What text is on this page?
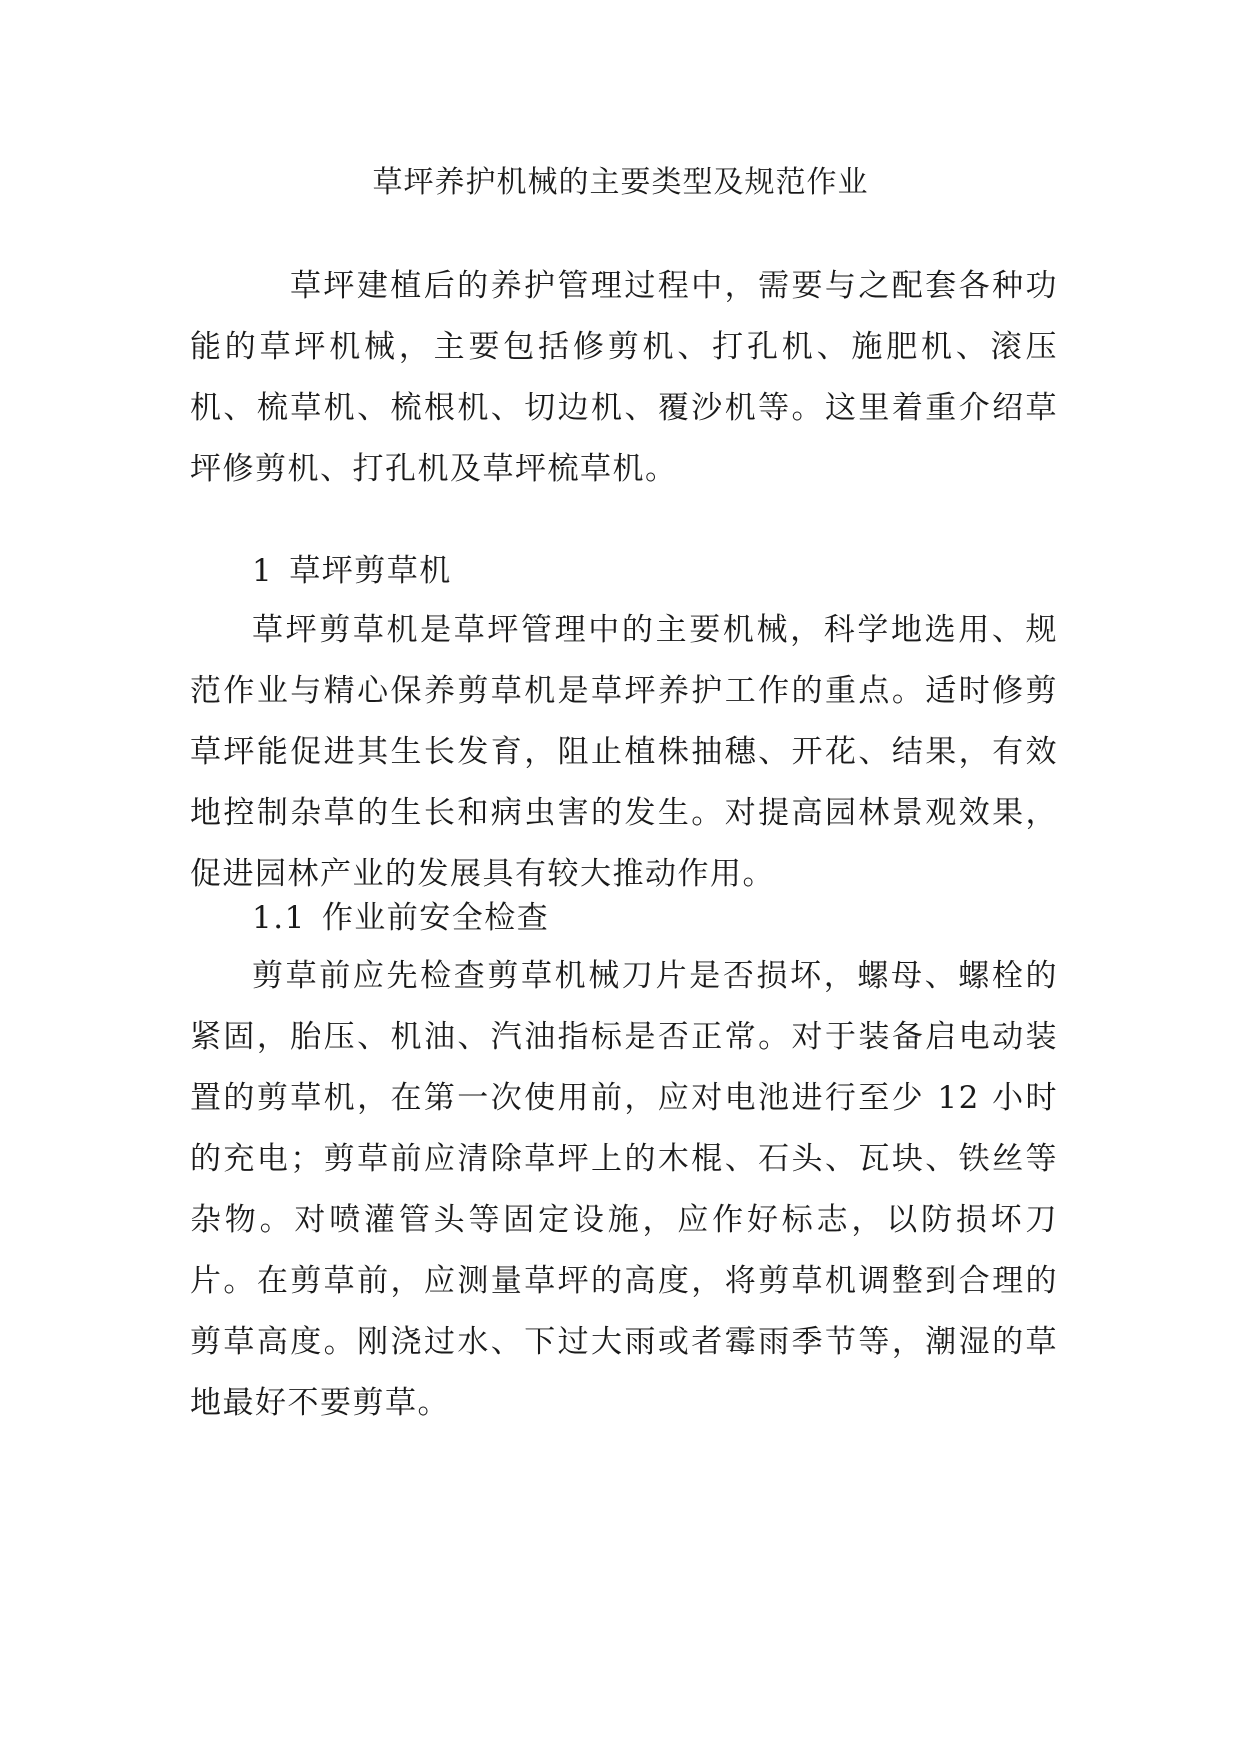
草坪养护机械的主要类型及规范作业

草坪建植后的养护管理过程中，需要与之配套各种功能的草坪机械，主要包括修剪机、打孔机、施肥机、滚压机、梳草机、梳根机、切边机、覆沙机等。这里着重介绍草坪修剪机、打孔机及草坪梳草机。

1 草坪剪草机

草坪剪草机是草坪管理中的主要机械，科学地选用、规范作业与精心保养剪草机是草坪养护工作的重点。适时修剪草坪能促进其生长发育，阻止植株抽穗、开花、结果，有效地控制杂草的生长和病虫害的发生。对提高园林景观效果，促进园林产业的发展具有较大推动作用。

1.1 作业前安全检查

剪草前应先检查剪草机械刀片是否损坏，螺母、螺栓的紧固，胎压、机油、汽油指标是否正常。对于装备启电动装置的剪草机，在第一次使用前，应对电池进行至少 12 小时的充电；剪草前应清除草坪上的木棍、石头、瓦块、铁丝等杂物。对喷灌管头等固定设施，应作好标志，以防损坏刀片。在剪草前，应测量草坪的高度，将剪草机调整到合理的剪草高度。刚浇过水、下过大雨或者霉雨季节等，潮湿的草地最好不要剪草。
